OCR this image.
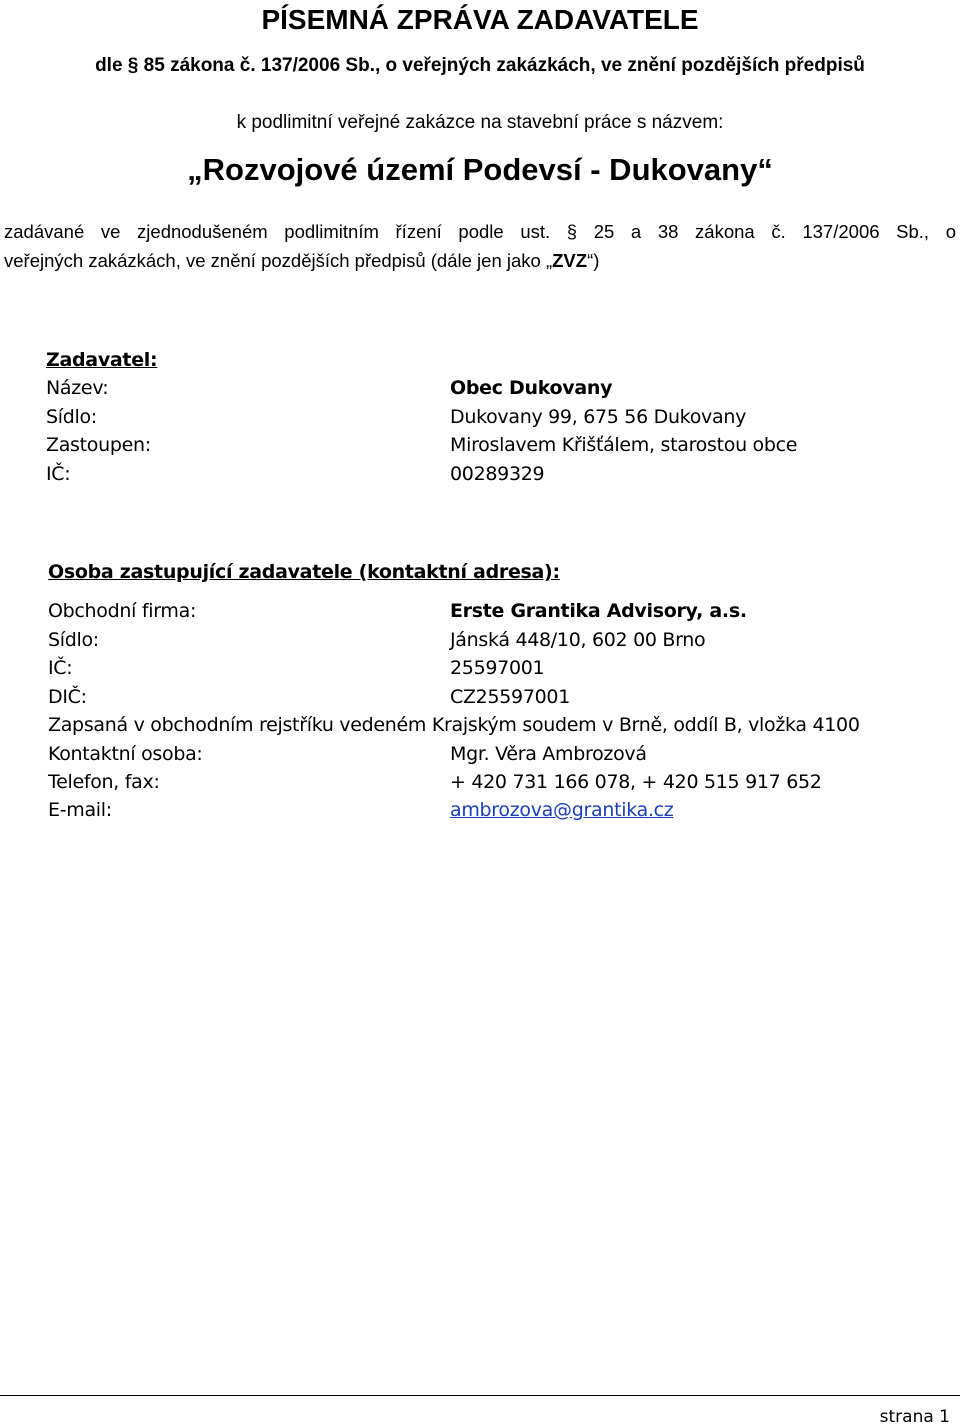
PÍSEMNÁ ZPRÁVA ZADAVATELE
dle § 85 zákona č. 137/2006 Sb., o veřejných zakázkách, ve znění pozdějších předpisů
k podlimitní veřejné zakázce na stavební práce s názvem:
„Rozvojové území Podevsí - Dukovany“
zadávané ve zjednodušeném podlimitním řízení podle ust. § 25 a 38 zákona č. 137/2006 Sb., o
veřejných zakázkách, ve znění pozdějších předpisů (dále jen jako „ZVZ“)
Zadavatel:
Název:	Obec Dukovany
Sídlo:	Dukovany 99, 675 56 Dukovany
Zastoupen:	Miroslavem Křišťálem, starostou obce
IČ:	00289329
Osoba zastupující zadavatele (kontaktní adresa):
Obchodní firma:	Erste Grantika Advisory, a.s.
Sídlo:	Jánská 448/10, 602 00 Brno
IČ:	25597001
DIČ:	CZ25597001
Zapsaná v obchodním rejstříku vedeném Krajským soudem v Brně, oddíl B, vložka 4100
Kontaktní osoba:	Mgr. Věra Ambrozová
Telefon, fax:	+ 420 731 166 078, + 420 515 917 652
E-mail:	ambrozova@grantika.cz
strana 1
